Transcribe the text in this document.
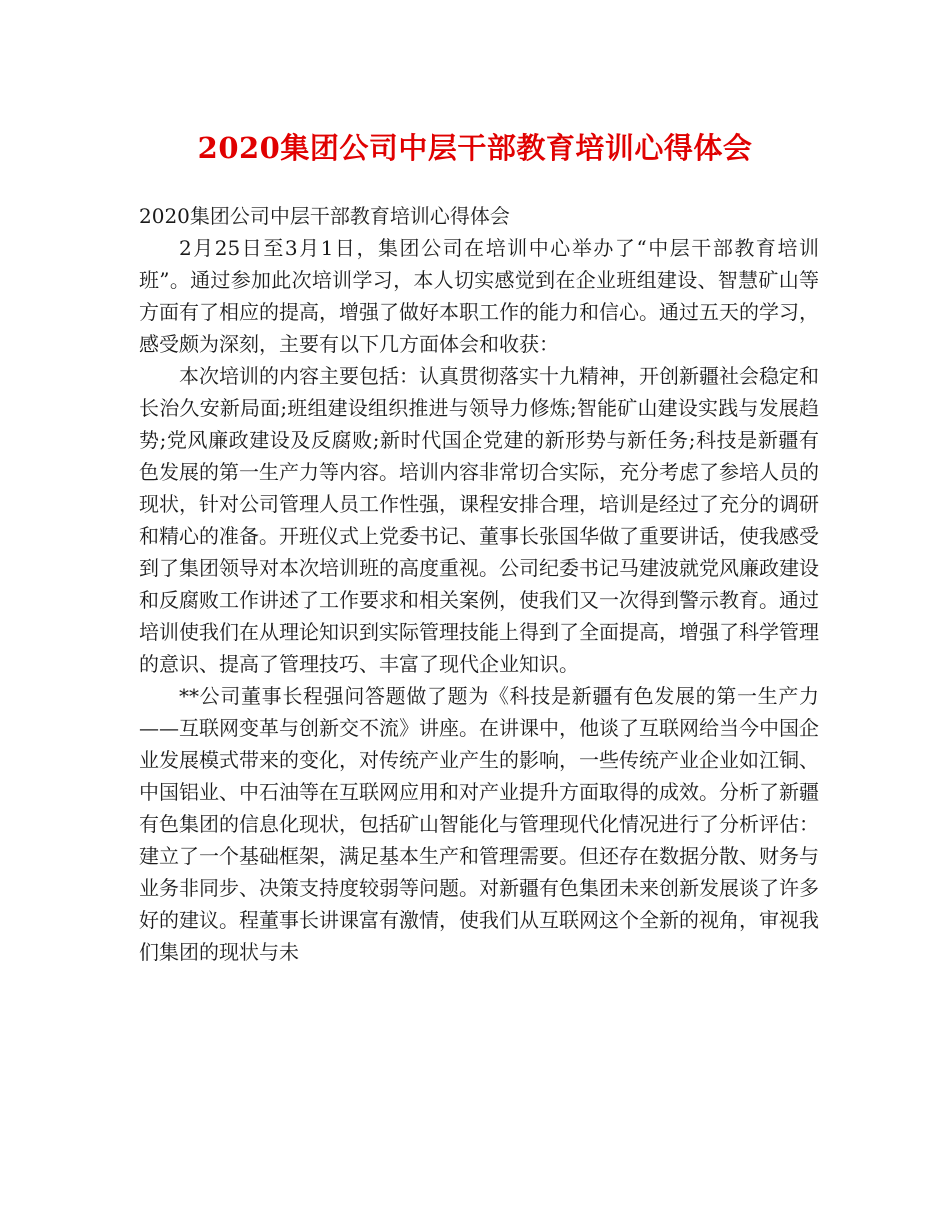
2020集团公司中层干部教育培训心得体会

2020集团公司中层干部教育培训心得体会

2月25日至3月1日，集团公司在培训中心举办了“中层干部教育培训班”。通过参加此次培训学习，本人切实感觉到在企业班组建设、智慧矿山等方面有了相应的提高，增强了做好本职工作的能力和信心。通过五天的学习，感受颇为深刻，主要有以下几方面体会和收获：

本次培训的内容主要包括：认真贯彻落实十九精神，开创新疆社会稳定和长治久安新局面;班组建设组织推进与领导力修炼;智能矿山建设实践与发展趋势;党风廉政建设及反腐败;新时代国企党建的新形势与新任务;科技是新疆有色发展的第一生产力等内容。培训内容非常切合实际，充分考虑了参培人员的现状，针对公司管理人员工作性强，课程安排合理，培训是经过了充分的调研和精心的准备。开班仪式上党委书记、董事长张国华做了重要讲话，使我感受到了集团领导对本次培训班的高度重视。公司纪委书记马建波就党风廉政建设和反腐败工作讲述了工作要求和相关案例，使我们又一次得到警示教育。通过培训使我们在从理论知识到实际管理技能上得到了全面提高，增强了科学管理的意识、提高了管理技巧、丰富了现代企业知识。

**公司董事长程强问答题做了题为《科技是新疆有色发展的第一生产力——互联网变革与创新交不流》讲座。在讲课中，他谈了互联网给当今中国企业发展模式带来的变化，对传统产业产生的影响，一些传统产业企业如江铜、中国铝业、中石油等在互联网应用和对产业提升方面取得的成效。分析了新疆有色集团的信息化现状，包括矿山智能化与管理现代化情况进行了分析评估：建立了一个基础框架，满足基本生产和管理需要。但还存在数据分散、财务与业务非同步、决策支持度较弱等问题。对新疆有色集团未来创新发展谈了许多好的建议。程董事长讲课富有激情，使我们从互联网这个全新的视角，审视我们集团的现状与未
